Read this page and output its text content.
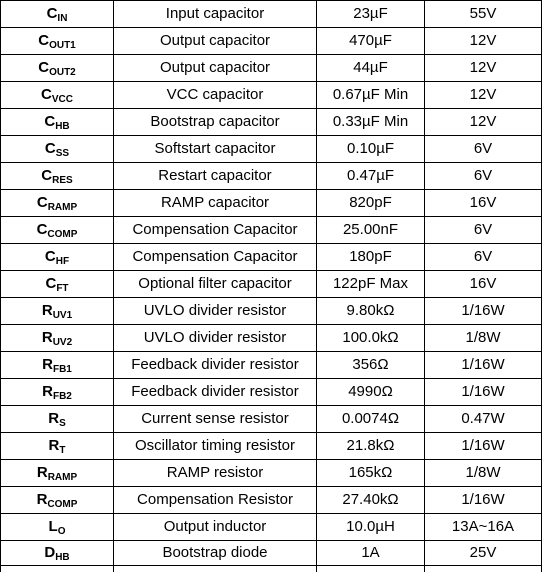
$C_{IN}$	Input capacitor	23µF	55V
$C_{OUT1}$	Output capacitor	470µF	12V
$C_{OUT2}$	Output capacitor	44µF	12V
$C_{VCC}$	VCC capacitor	0.67µF Min	12V
$C_{HB}$	Bootstrap capacitor	0.33µF Min	12V
$C_{SS}$	Softstart capacitor	0.10µF	6V
$C_{RES}$	Restart capacitor	0.47µF	6V
$C_{RAMP}$	RAMP capacitor	820pF	16V
$C_{COMP}$	Compensation Capacitor	25.00nF	6V
$C_{HF}$	Compensation Capacitor	180pF	6V
$C_{FT}$	Optional filter capacitor	122pF Max	16V
$R_{UV1}$	UVLO divider resistor	9.80kΩ	1/16W
$R_{UV2}$	UVLO divider resistor	100.0kΩ	1/8W
$R_{FB1}$	Feedback divider resistor	356Ω	1/16W
$R_{FB2}$	Feedback divider resistor	4990Ω	1/16W
$R_S$	Current sense resistor	0.0074Ω	0.47W
$R_T$	Oscillator timing resistor	21.8kΩ	1/16W
$R_{RAMP}$	RAMP resistor	165kΩ	1/8W
$R_{COMP}$	Compensation Resistor	27.40kΩ	1/16W
$L_O$	Output inductor	10.0µH	13A~16A
$D_{HB}$	Bootstrap diode	1A	25V
